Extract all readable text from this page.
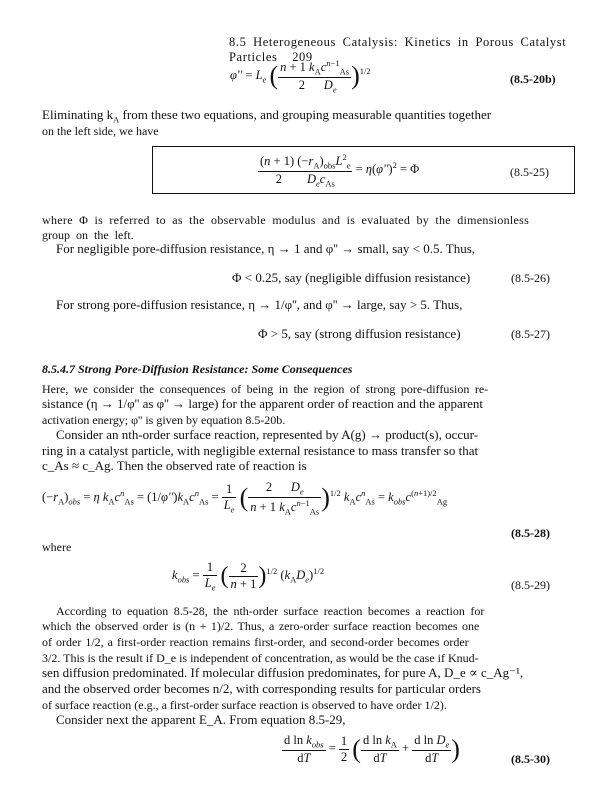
8.5 Heterogeneous Catalysis: Kinetics in Porous Catalyst Particles 209
$\varphi'' = L_e$ ( $\frac{n + 1 k_Ac^{n-1}_{As}}{2 D_e} )^{1/2}$
(8.5-20b)
Eliminating $k_A$ from these two equations, and grouping measurable quantities together
on the left side, we have
$\frac{(n + 1) (-r_A)_{obs}L^2_e}{2 D_ec_{As}} = \eta(\varphi'')^2 = \Phi$	(8.5-25)
where Φ is referred to as the observable modulus and is evaluated by the dimensionless
group on the left.
For negligible pore-diffusion resistance, η → 1 and φ'' → small, say < 0.5. Thus,
Φ < 0.25, say (negligible diffusion resistance)	(8.5-26)
For strong pore-diffusion resistance, η → 1/φ'', and φ'' → large, say > 5. Thus,
Φ > 5, say (strong diffusion resistance)	(8.5-27)
8.5.4.7 Strong Pore-Diffusion Resistance: Some Consequences
Here, we consider the consequences of being in the region of strong pore-diffusion re-
sistance (η → 1/φ'' as φ'' → large) for the apparent order of reaction and the apparent
activation energy; φ'' is given by equation 8.5-20b.
Consider an nth-order surface reaction, represented by A(g) → product(s), occur-
ring in a catalyst particle, with negligible external resistance to mass transfer so that
c_As ≈ c_Ag. Then the observed rate of reaction is
$(-r_A)_{obs} = \eta$ $k_Ac^n_{As} = (1/\varphi'')k_Ac^n_{As} = \frac{1}{L_e}$ ( $\frac{2 D_e}{n + 1 k_Ac^{n-1}_{As}} )^{1/2}$ $k_Ac^n_{As} = k_{obs}c^{(n+1)/2}_{Ag}$
(8.5-28)
where
$k_{obs} = \frac{1}{L_e}$ ( $\frac{2}{n + 1} )^{1/2}$ $(k_AD_e)^{1/2}$
(8.5-29)
According to equation 8.5-28, the nth-order surface reaction becomes a reaction for
which the observed order is (n + 1)/2. Thus, a zero-order surface reaction becomes one
of order 1/2, a first-order reaction remains first-order, and second-order becomes order
3/2. This is the result if D_e is independent of concentration, as would be the case if Knud-
sen diffusion predominated. If molecular diffusion predominates, for pure A, D_e ∝ c_Ag⁻¹,
and the observed order becomes n/2, with corresponding results for particular orders
of surface reaction (e.g., a first-order surface reaction is observed to have order 1/2).
Consider next the apparent E_A. From equation 8.5-29,
$\frac{d \ln k_{obs}}{dT} = \frac{1}{2}$ ( $\frac{d \ln k_A}{dT} + \frac{d \ln D_e}{dT}$ )	(8.5-30)
